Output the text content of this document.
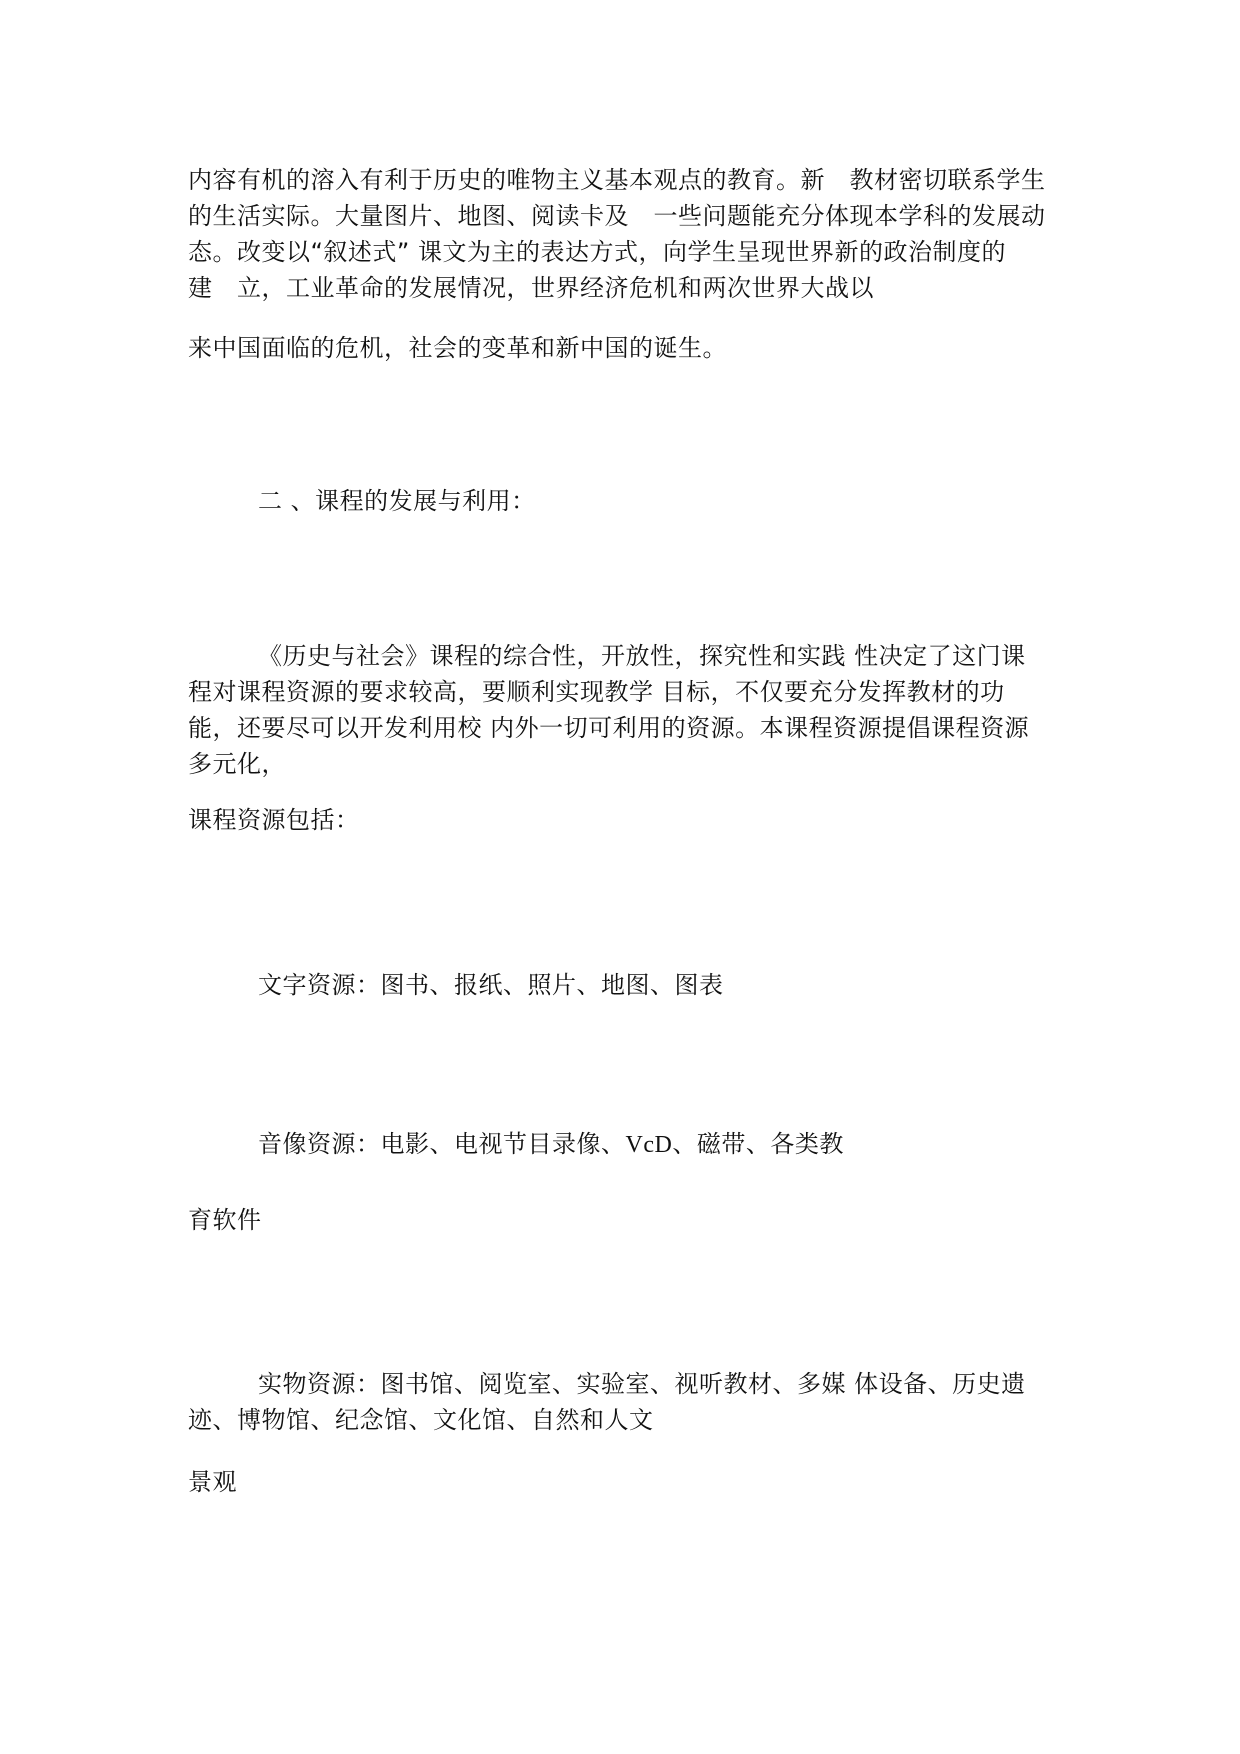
内容有机的溶入有利于历史的唯物主义基本观点的教育。新　教材密切联系学生
的生活实际。大量图片、地图、阅读卡及　一些问题能充分体现本学科的发展动
态。改变以“叙述式” 课文为主的表达方式，向学生呈现世界新的政治制度的
建　立，工业革命的发展情况，世界经济危机和两次世界大战以
来中国面临的危机，社会的变革和新中国的诞生。
二 、课程的发展与利用：
《历史与社会》课程的综合性，开放性，探究性和实践 性决定了这门课
程对课程资源的要求较高，要顺利实现教学 目标，不仅要充分发挥教材的功
能，还要尽可以开发利用校 内外一切可利用的资源。本课程资源提倡课程资源
多元化，
课程资源包括：
文字资源：图书、报纸、照片、地图、图表
音像资源：电影、电视节目录像、VcD、磁带、各类教
育软件
实物资源：图书馆、阅览室、实验室、视听教材、多媒 体设备、历史遗
迹、博物馆、纪念馆、文化馆、自然和人文
景观
